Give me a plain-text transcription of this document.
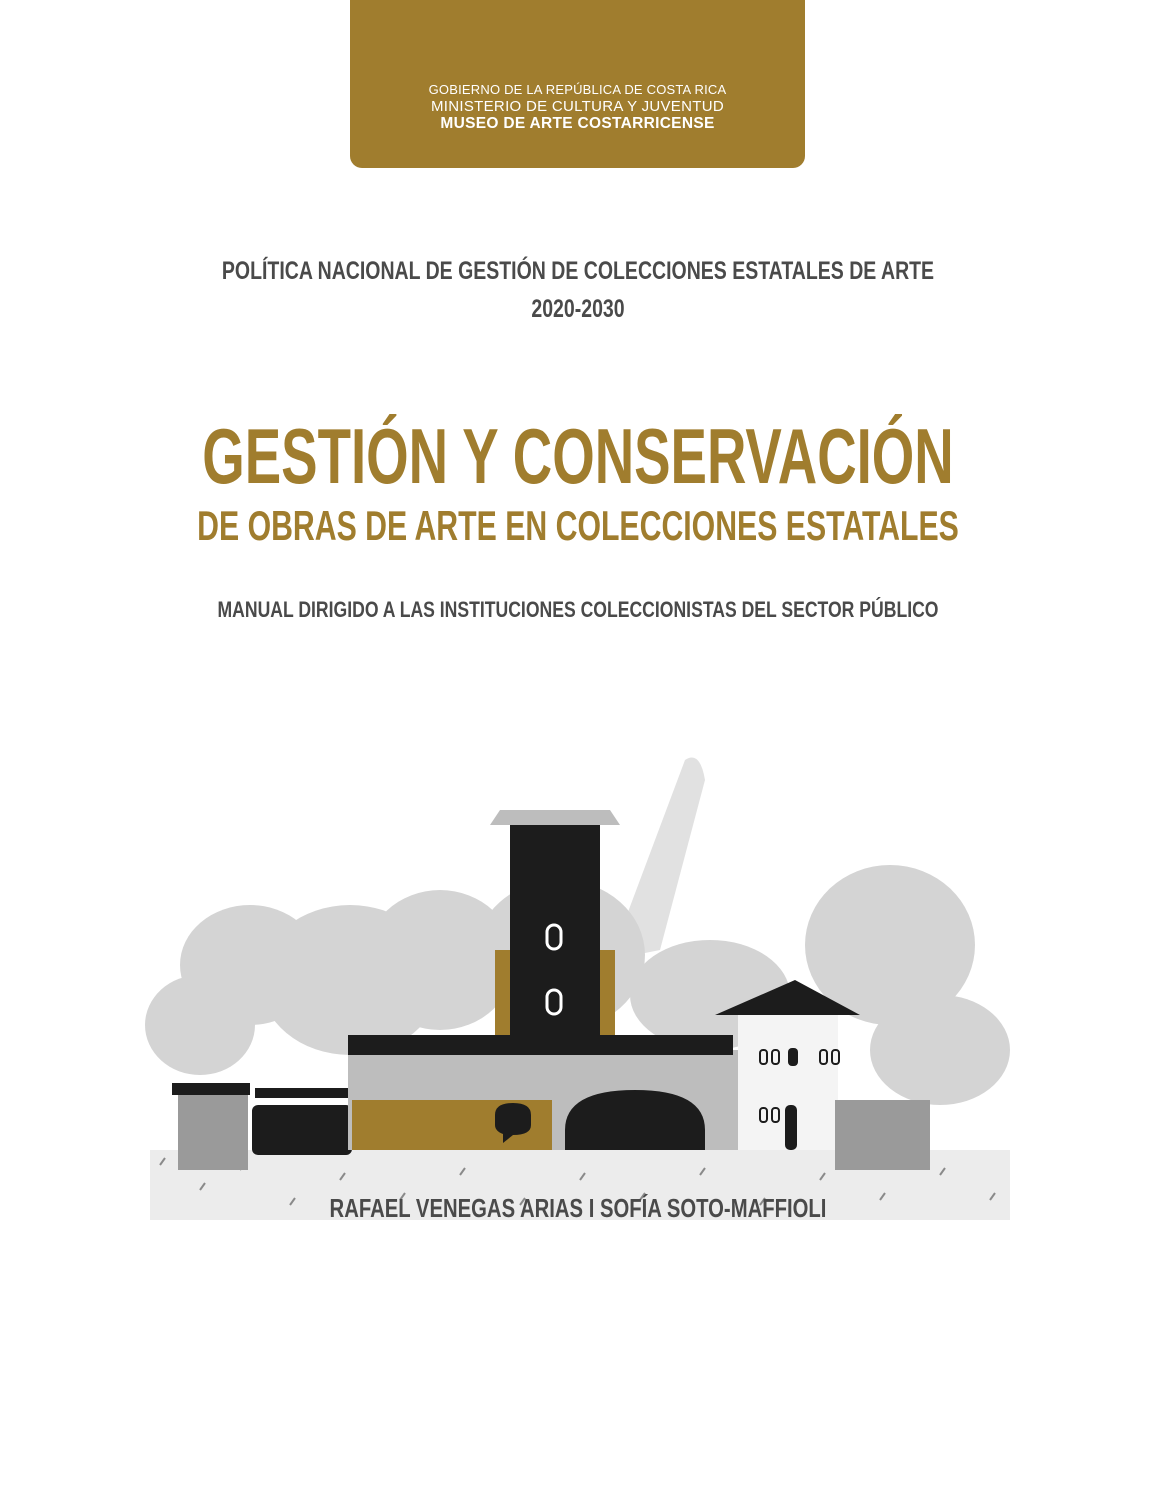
GOBIERNO DE LA REPÚBLICA DE COSTA RICA
MINISTERIO DE CULTURA Y JUVENTUD
MUSEO DE ARTE COSTARRICENSE
POLÍTICA NACIONAL DE GESTIÓN DE COLECCIONES ESTATALES DE ARTE
2020-2030
GESTIÓN Y CONSERVACIÓN
DE OBRAS DE ARTE EN COLECCIONES ESTATALES
MANUAL DIRIGIDO A LAS INSTITUCIONES COLECCIONISTAS DEL SECTOR PÚBLICO
RAFAEL VENEGAS ARIAS I SOFÍA SOTO-MAFFIOLI
